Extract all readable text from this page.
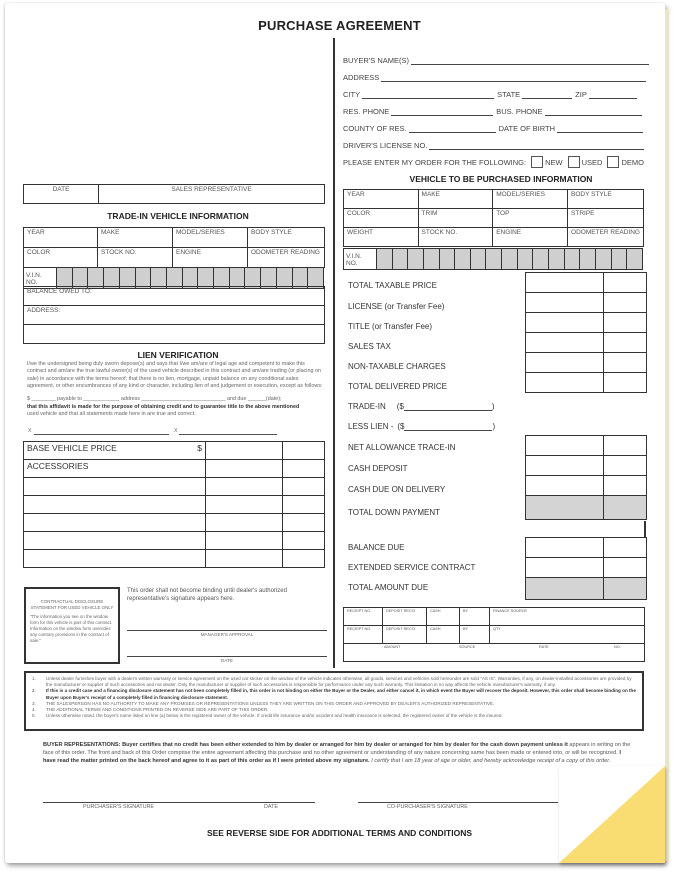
PURCHASE AGREEMENT
BUYER'S NAME(S)
ADDRESS
CITY	STATE	ZIP
RES. PHONE	BUS. PHONE
COUNTY OF RES.	DATE OF BIRTH
DRIVER'S LICENSE NO.
PLEASE ENTER MY ORDER FOR THE FOLLOWING:	NEW	USED	DEMO
DATE	SALES REPRESENTATIVE
TRADE-IN VEHICLE INFORMATION
YEAR	MAKE	MODEL/SERIES	BODY STYLE
COLOR	STOCK NO.	ENGINE	ODOMETER READING
V.I.N. NO.
BALANCE OWED TO:
ADDRESS:

LIEN VERIFICATION
I/we the undersigned being duly sworn depose(s) and says that I/we am/are of legal age and competent to make this contract and am/are the true lawful owner(s) of the used vehicle described in this contract and am/are trading (or placing on sale) in accordance with the terms hereof; that there is no lien, mortgage, unpaid balance on any conditional sales agreement, or other encumbrances of any kind or character, including lien of and judgement or execution, except as follows:
$ ________ payable to ____________ address ____________________________ and due ______(date);
that this affidavit is made for the purpose of obtaining credit and to guarantee title to the above mentioned
used vehicle and that all statements made here in are true and correct.
X	X
BASE VEHICLE PRICE $		

ACCESSORIES		

VEHICLE TO BE PURCHASED INFORMATION
YEAR	MAKE	MODEL/SERIES	BODY STYLE
COLOR	TRIM	TOP	STRIPE
WEIGHT	STOCK NO.	ENGINE	ODOMETER READING
V.I.N. NO.
TOTAL TAXABLE PRICE
LICENSE (or Transfer Fee)
TITLE (or Transfer Fee)
SALES TAX
NON-TAXABLE CHARGES
TOTAL DELIVERED PRICE
TRADE-IN ($	)
LESS LIEN - ($	)
NET ALLOWANCE TRACE-IN
CASH DEPOSIT
CASH DUE ON DELIVERY
TOTAL DOWN PAYMENT
BALANCE DUE
EXTENDED SERVICE CONTRACT
TOTAL AMOUNT DUE
CONTRACTUAL DISCLOSURE STATEMENT FOR USED VEHICLE ONLY
"The information you see on the window form for this vehicle is part of this contract. Information on the window form overrides any contrary provisions in the contract of sale."
This order shall not become binding until dealer's authorized representative's signature appears here.
MANAGER'S APPROVAL
DATE
RECEIPT NO.	DEPOSIT REC'D	CASH	BY	FINANCE SOURCE
RECEIPT NO.	DEPOSIT REC'D	CASH	BY	QTY

AMOUNT SOURCE RATE NO.				
1.	Unless dealer furnishes buyer with a dealer's written warranty or service agreement on the used car sticker on the window of the vehicle indicates otherwise, all goods, services and vehicles sold hereunder are sold "AS IS". Warranties, if any, on dealer-installed accessories are provided by the manufacturer or supplier of such accessories and not dealer. Only the manufacturer or supplier of such accessories is responsible for performance under any such warranty. This limitation in no way affects the vehicle manufacturer's warranty, if any.
2.	If this is a credit case and a financing disclosure statement has not been completely filled in, this order is not binding on either the Buyer or the Dealer, and either cancel it, in which event the Buyer will recover the deposit. However, this order shall become binding on the Buyer upon Buyer's receipt of a completely filled in financing disclosure statement.
3.	THE SALESPERSON HAS NO AUTHORITY TO MAKE ANY PROMISES OR REPRESENTATIONS UNLESS THEY ARE WRITTEN ON THIS ORDER AND APPROVED BY DEALER'S AUTHORIZED REPRESENTATIVE.
4.	THE ADDITIONAL TERMS AND CONDITIONS PRINTED ON REVERSE SIDE ARE PART OF THIS ORDER.
5.	Unless otherwise noted, the buyer's name listed on line (a) below is the registered owner of the vehicle. If credit life insurance and/or accident and health insurance is selected, the registered owner of the vehicle is the insured.
BUYER REPRESENTATIONS: Buyer certifies that no credit has been either extended to him by dealer or arranged for him by dealer or arranged for him by dealer for the cash down payment unless it appears in writing on the face of this order. The front and back of this Order comprise the entire agreement affecting this purchase and no other agreement or understanding of any nature concerning same has been made or entered into, or will be recognized. I have read the matter printed on the back hereof and agree to it as part of this order as if I were printed above my signature. I certify that I am 18 year of age or older, and hereby acknowledge receipt of a copy of this order.
PURCHASER'S SIGNATURE	DATE	CO-PURCHASER'S SIGNATURE
SEE REVERSE SIDE FOR ADDITIONAL TERMS AND CONDITIONS
